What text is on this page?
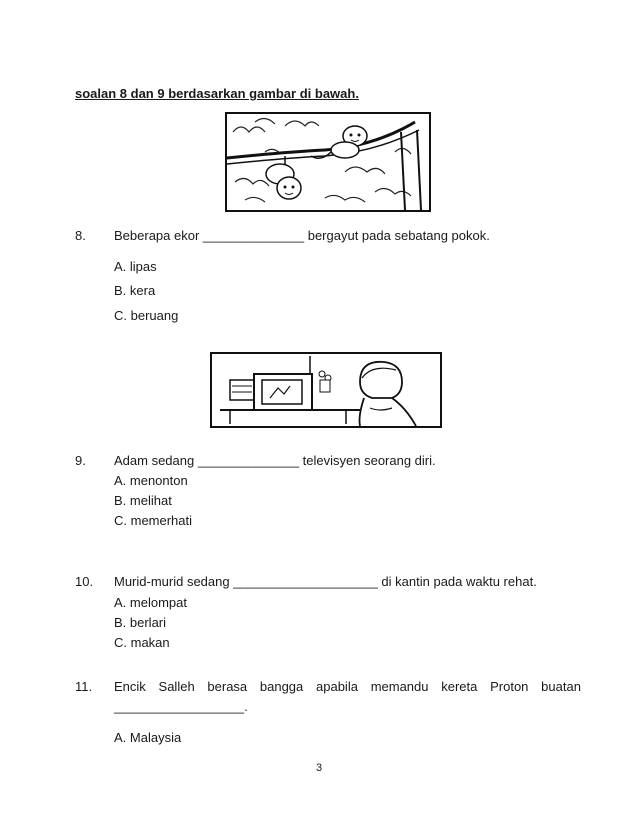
soalan 8 dan 9 berdasarkan gambar di bawah.
8. Beberapa ekor ______________ bergayut pada sebatang pokok.
A. lipas
B. kera
C. beruang
9. Adam sedang ______________ televisyen seorang diri.
A. menonton
B. melihat
C. memerhati
10. Murid-murid sedang ____________________ di kantin pada waktu rehat.
A. melompat
B. berlari
C. makan
11. Encik Salleh berasa bangga apabila memandu kereta Proton buatan
__________________.
A. Malaysia
3
